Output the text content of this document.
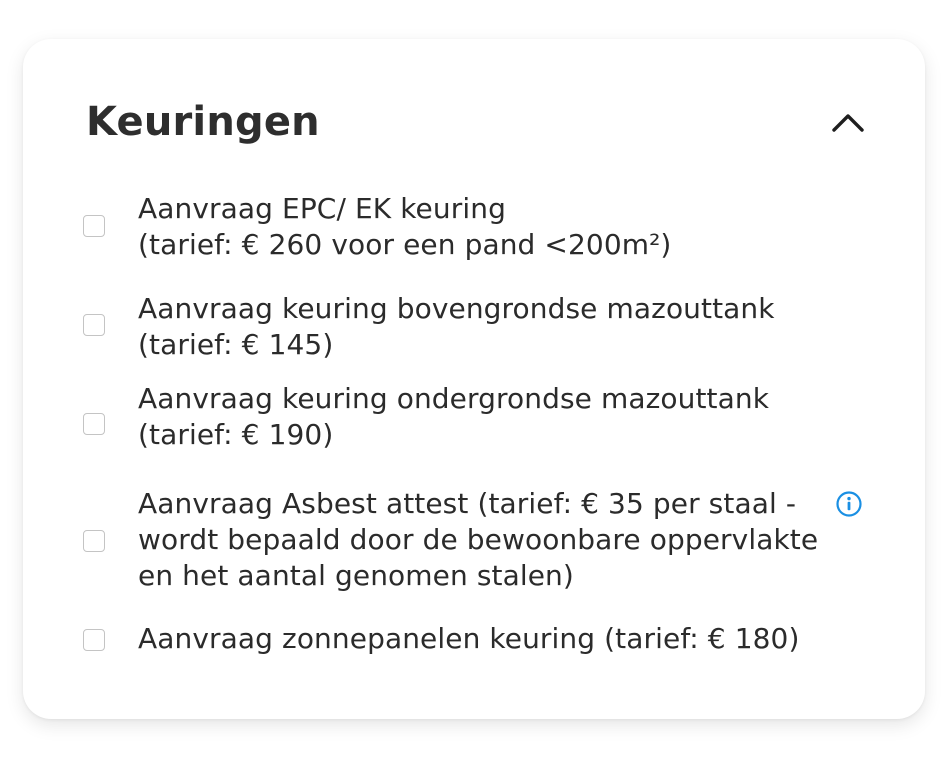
Keuringen
Aanvraag EPC/ EK keuring
(tarief: € 260 voor een pand <200m²)
Aanvraag keuring bovengrondse mazouttank
(tarief: € 145)
Aanvraag keuring ondergrondse mazouttank
(tarief: € 190)
Aanvraag Asbest attest (tarief: € 35 per staal -
wordt bepaald door de bewoonbare oppervlakte
en het aantal genomen stalen)
Aanvraag zonnepanelen keuring (tarief: € 180)
